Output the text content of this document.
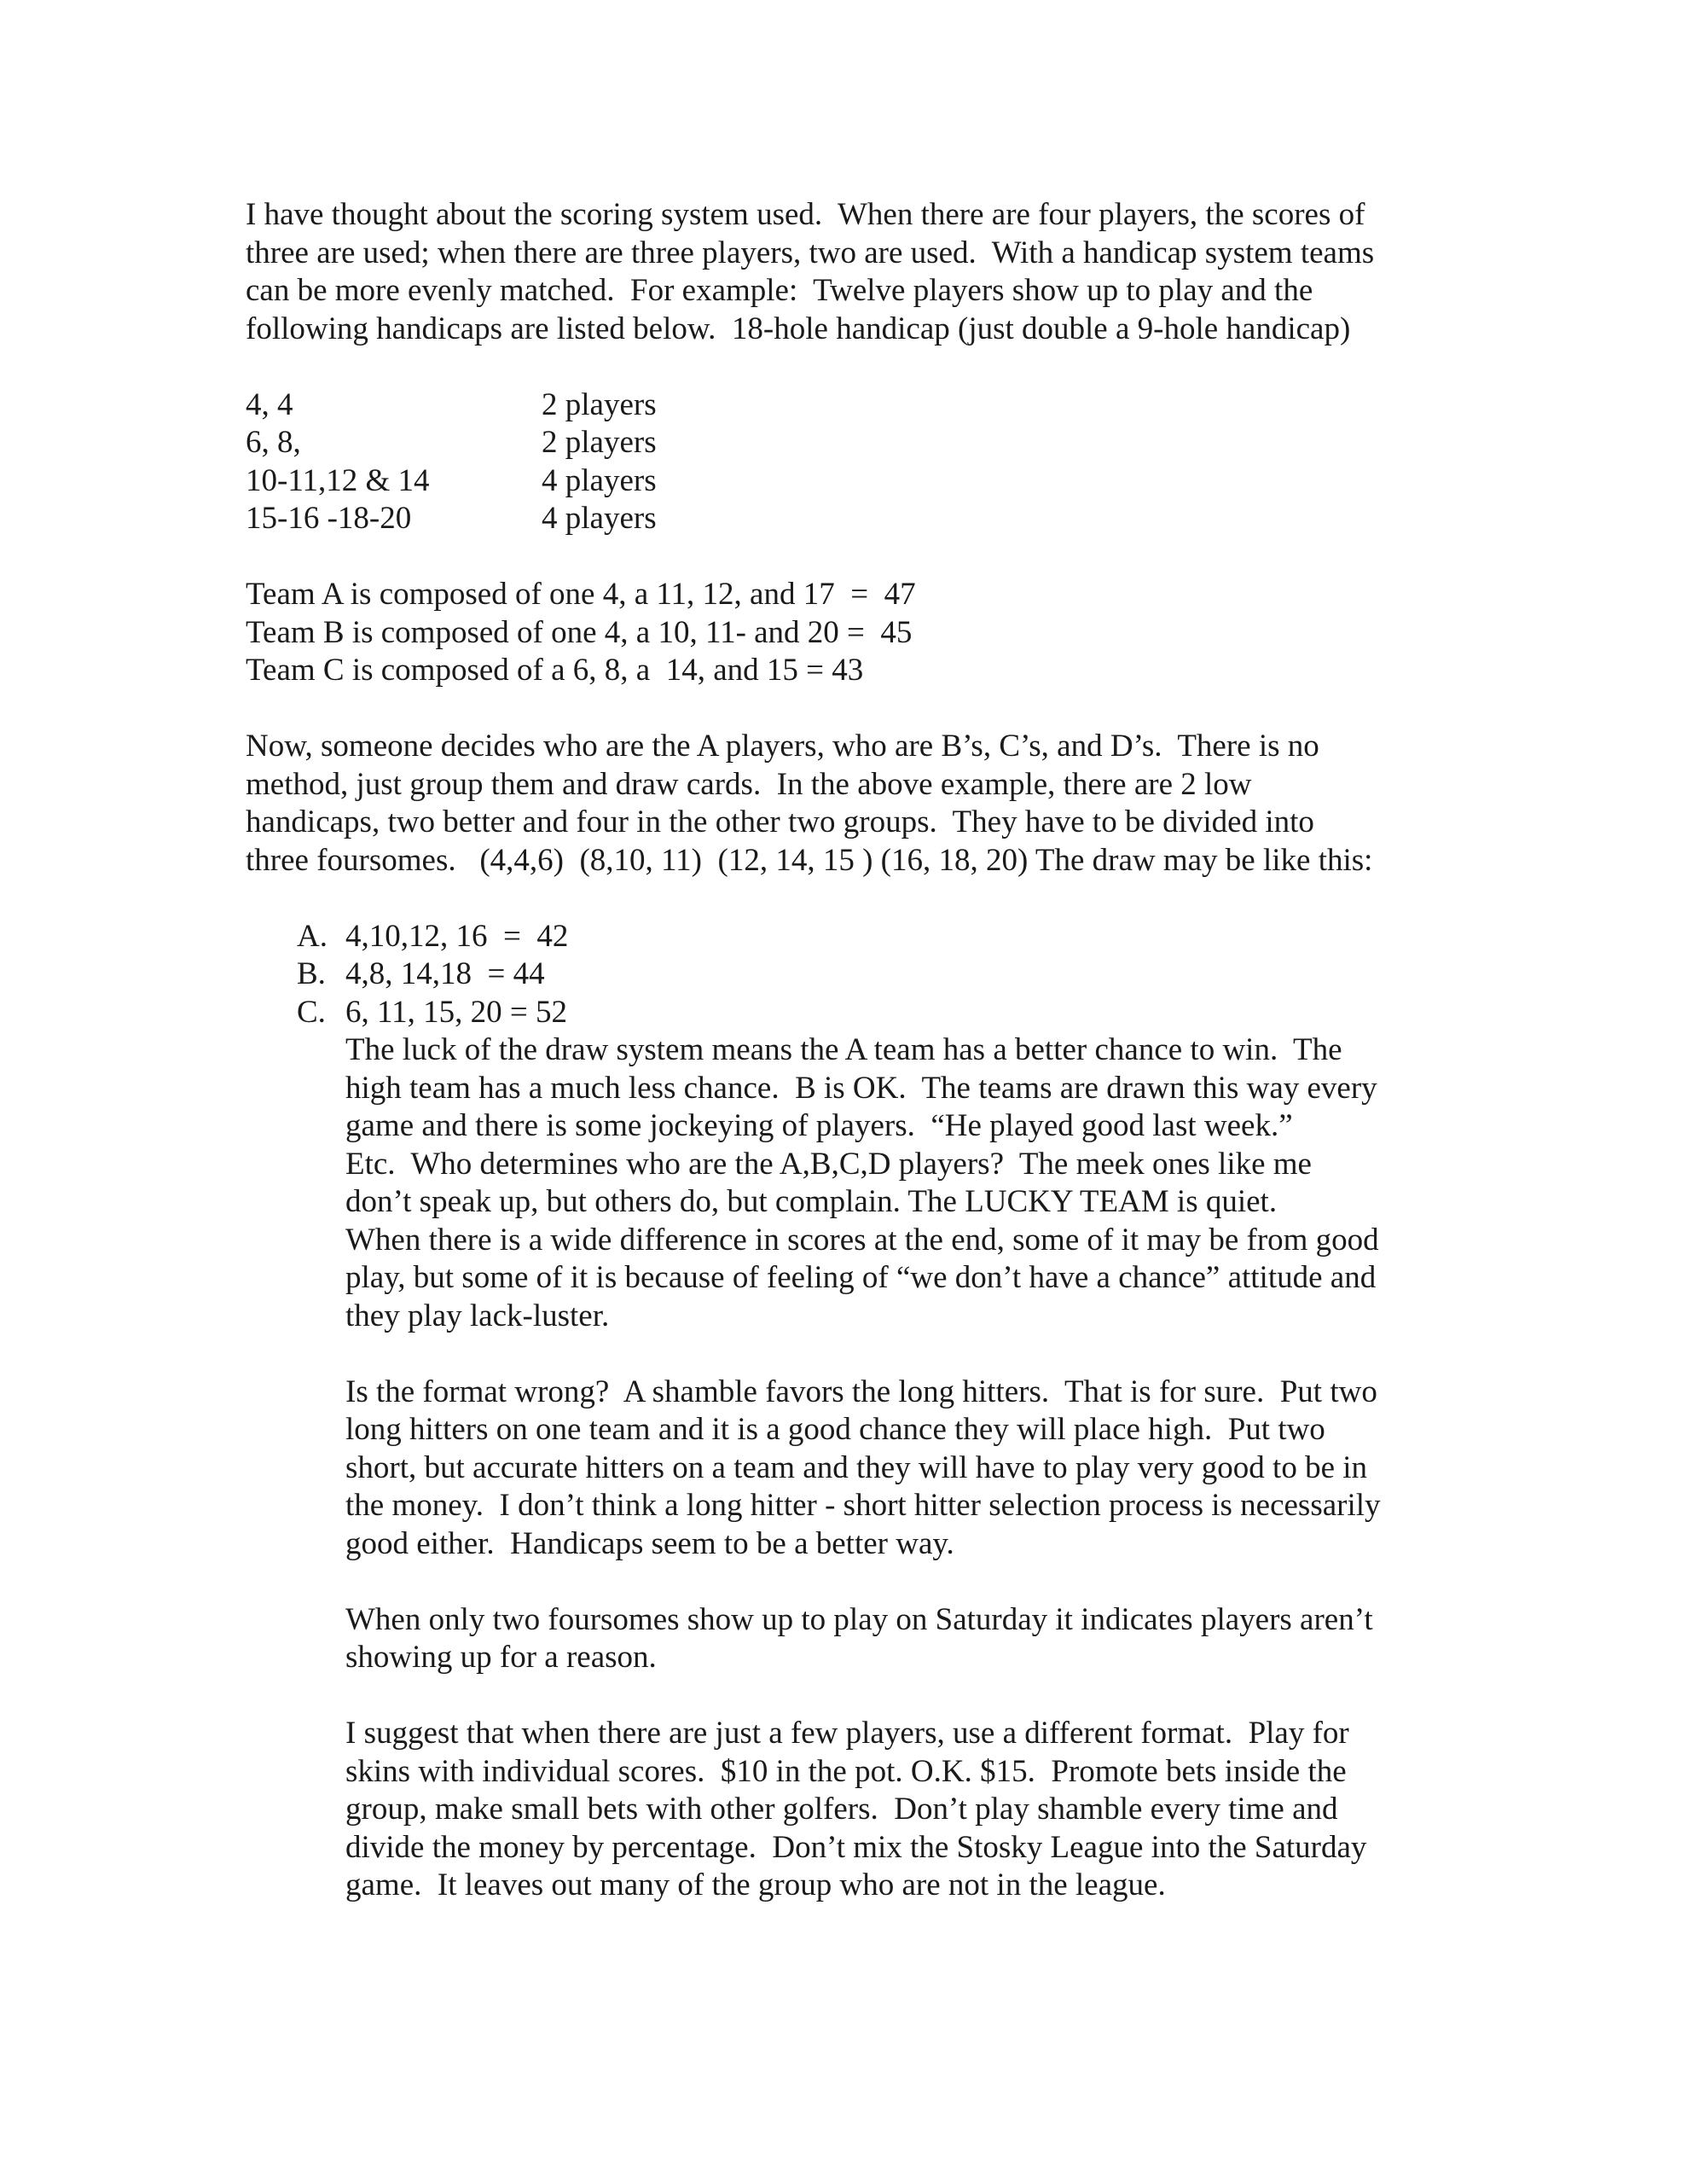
I have thought about the scoring system used.  When there are four players, the scores of
three are used; when there are three players, two are used.  With a handicap system teams
can be more evenly matched.  For example:  Twelve players show up to play and the
following handicaps are listed below.  18-hole handicap (just double a 9-hole handicap)

4, 4	2 players
6, 8,	2 players
10-11,12 & 14	4 players
15-16 -18-20	4 players

Team A is composed of one 4, a 11, 12, and 17  =  47
Team B is composed of one 4, a 10, 11- and 20 =  45
Team C is composed of a 6, 8, a  14, and 15 = 43

Now, someone decides who are the A players, who are B’s, C’s, and D’s.  There is no
method, just group them and draw cards.  In the above example, there are 2 low
handicaps, two better and four in the other two groups.  They have to be divided into
three foursomes.   (4,4,6)  (8,10, 11)  (12, 14, 15 ) (16, 18, 20) The draw may be like this:

A. 4,10,12, 16  =  42
B. 4,8, 14,18  = 44
C. 6, 11, 15, 20 = 52

The luck of the draw system means the A team has a better chance to win.  The
high team has a much less chance.  B is OK.  The teams are drawn this way every
game and there is some jockeying of players.  “He played good last week.”
Etc.  Who determines who are the A,B,C,D players?  The meek ones like me
don’t speak up, but others do, but complain. The LUCKY TEAM is quiet.
When there is a wide difference in scores at the end, some of it may be from good
play, but some of it is because of feeling of “we don’t have a chance” attitude and
they play lack-luster.

Is the format wrong?  A shamble favors the long hitters.  That is for sure.  Put two
long hitters on one team and it is a good chance they will place high.  Put two
short, but accurate hitters on a team and they will have to play very good to be in
the money.  I don’t think a long hitter - short hitter selection process is necessarily
good either.  Handicaps seem to be a better way.

When only two foursomes show up to play on Saturday it indicates players aren’t
showing up for a reason.

I suggest that when there are just a few players, use a different format.  Play for
skins with individual scores.  $10 in the pot. O.K. $15.  Promote bets inside the
group, make small bets with other golfers.  Don’t play shamble every time and
divide the money by percentage.  Don’t mix the Stosky League into the Saturday
game.  It leaves out many of the group who are not in the league.
